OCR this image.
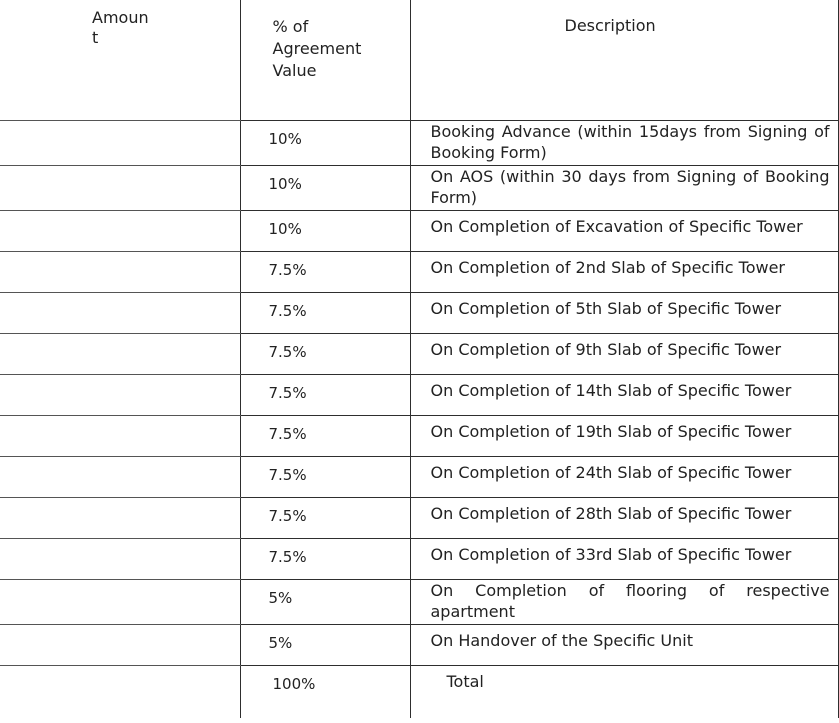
Amount	% of Agreement Value	Description

	10%	Booking Advance (within 15days from Signing of Booking Form)

	10%	On AOS (within 30 days from Signing of Booking Form)

	10%	On Completion of Excavation of Specific Tower

	7.5%	On Completion of 2nd Slab of Specific Tower

	7.5%	On Completion of 5th Slab of Specific Tower

	7.5%	On Completion of 9th Slab of Specific Tower

	7.5%	On Completion of 14th Slab of Specific Tower

	7.5%	On Completion of 19th Slab of Specific Tower

	7.5%	On Completion of 24th Slab of Specific Tower

	7.5%	On Completion of 28th Slab of Specific Tower

	7.5%	On Completion of 33rd Slab of Specific Tower

	5%	On Completion of flooring of respective apartment

	5%	On Handover of the Specific Unit

	100%	Total
